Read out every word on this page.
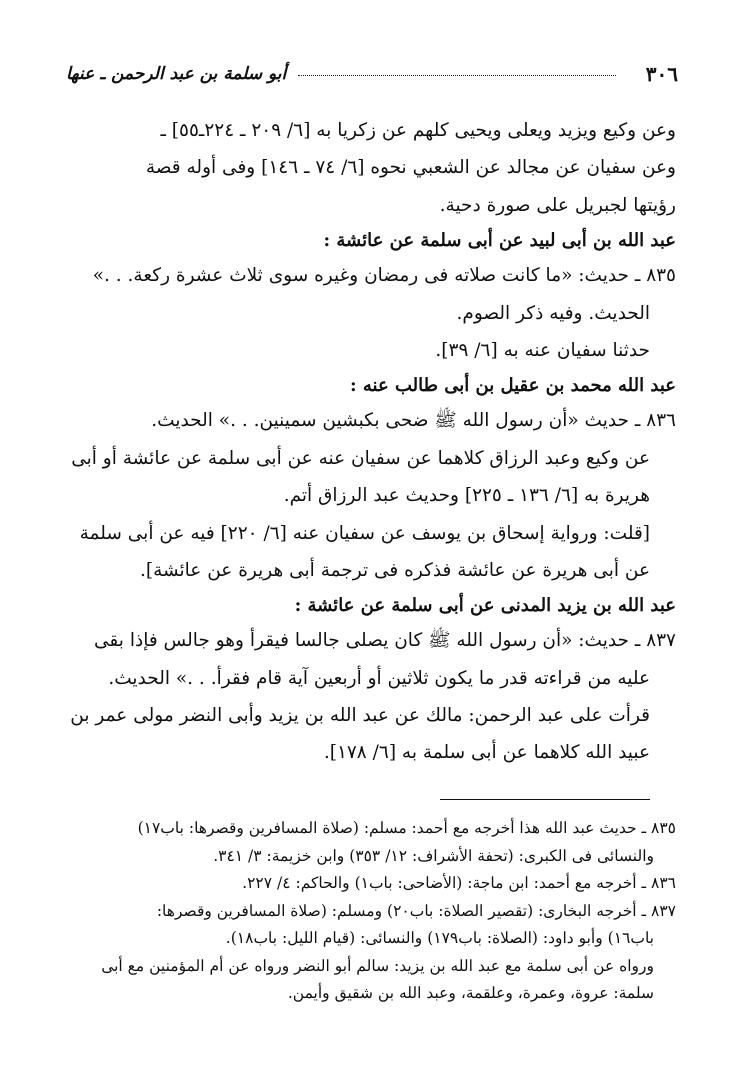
٣٠٦
أبو سلمة بن عبد الرحمن ـ عنها
وعن وكيع ويزيد ويعلى ويحيى كلهم عن زكريا به [٦/ ٢٠٩ ـ ٢٢٤ـ٥٥] ـ
وعن سفيان عن مجالد عن الشعبي نحوه [٦/ ٧٤ ـ ١٤٦] وفى أوله قصة
رؤيتها لجبريل على صورة دحية.
عبد الله بن أبى لبيد عن أبى سلمة عن عائشة :
٨٣٥ ـ حديث: «ما كانت صلاته فى رمضان وغيره سوى ثلاث عشرة ركعة. . .»
الحديث. وفيه ذكر الصوم.
حدثنا سفيان عنه به [٦/ ٣٩].
عبد الله محمد بن عقيل بن أبى طالب عنه :
٨٣٦ ـ حديث «أن رسول الله ﷺ ضحى بكبشين سمينين. . .» الحديث.
عن وكيع وعبد الرزاق كلاهما عن سفيان عنه عن أبى سلمة عن عائشة أو أبى
هريرة به [٦/ ١٣٦ ـ ٢٢٥] وحديث عبد الرزاق أتم.
[قلت: ورواية إسحاق بن يوسف عن سفيان عنه [٦/ ٢٢٠] فيه عن أبى سلمة
عن أبى هريرة عن عائشة فذكره فى ترجمة أبى هريرة عن عائشة].
عبد الله بن يزيد المدنى عن أبى سلمة عن عائشة :
٨٣٧ ـ حديث: «أن رسول الله ﷺ كان يصلى جالسا فيقرأ وهو جالس فإذا بقى
عليه من قراءته قدر ما يكون ثلاثين أو أربعين آية قام فقرأ. . .» الحديث.
قرأت على عبد الرحمن: مالك عن عبد الله بن يزيد وأبى النضر مولى عمر بن
عبيد الله كلاهما عن أبى سلمة به [٦/ ١٧٨].
٨٣٥ ـ حديث عبد الله هذا أخرجه مع أحمد: مسلم: (صلاة المسافرين وقصرها: باب١٧)
والنسائى فى الكبرى: (تحفة الأشراف: ١٢/ ٣٥٣) وابن خزيمة: ٣/ ٣٤١.
٨٣٦ ـ أخرجه مع أحمد: ابن ماجة: (الأضاحى: باب١) والحاكم: ٤/ ٢٢٧.
٨٣٧ ـ أخرجه البخارى: (تقصير الصلاة: باب٢٠) ومسلم: (صلاة المسافرين وقصرها:
باب١٦) وأبو داود: (الصلاة: باب١٧٩) والنسائى: (قيام الليل: باب١٨).
ورواه عن أبى سلمة مع عبد الله بن يزيد: سالم أبو النضر ورواه عن أم المؤمنين مع أبى
سلمة: عروة، وعمرة، وعلقمة، وعبد الله بن شقيق وأيمن.
